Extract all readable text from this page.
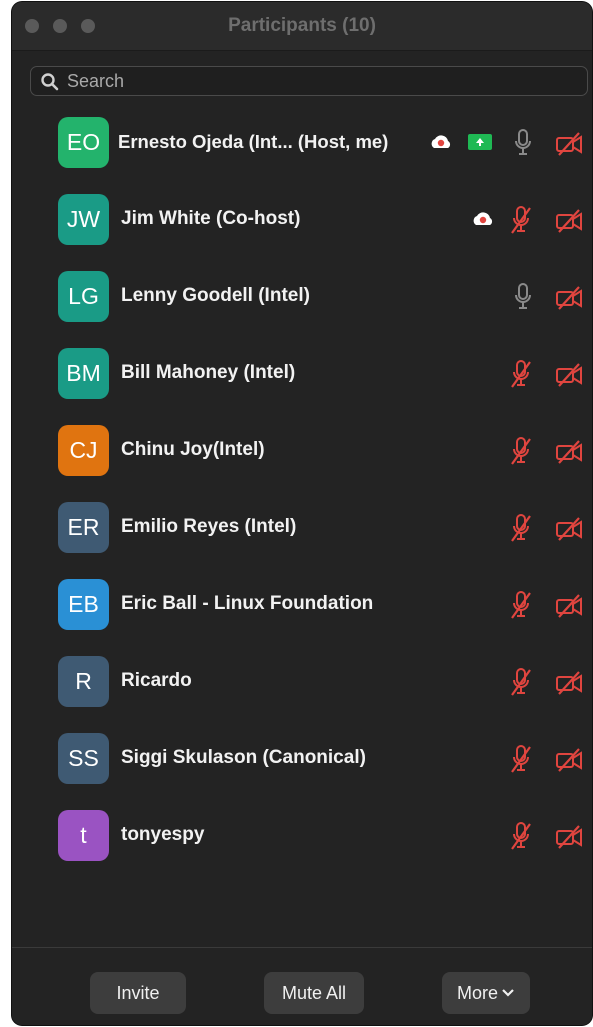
Participants (10)
Search
EO Ernesto Ojeda (Int... (Host, me)
JW	Jim White (Co-host)
LG	Lenny Goodell (Intel)
BM	Bill Mahoney (Intel)
CJ	Chinu Joy(Intel)
ER	Emilio Reyes (Intel)
EB	Eric Ball - Linux Foundation
R	Ricardo
SS	Siggi Skulason (Canonical)
t	tonyespy
Invite	Mute All	More
